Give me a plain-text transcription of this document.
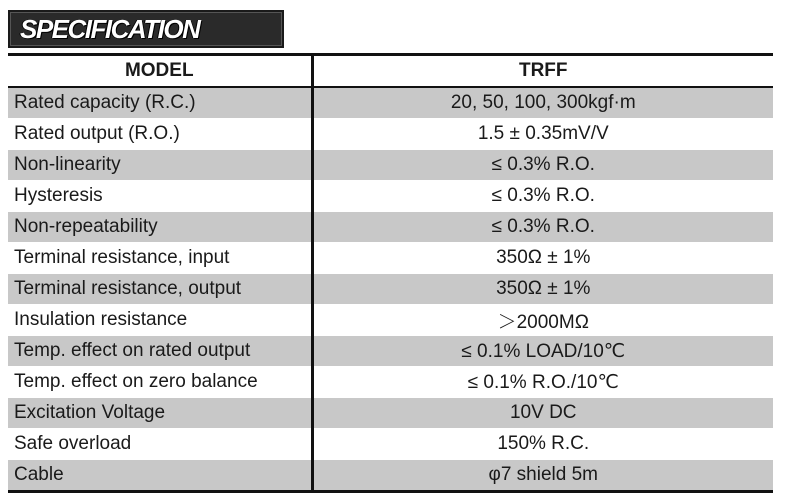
SPECIFICATION
MODEL	TRFF
Rated capacity (R.C.)	20, 50, 100, 300kgf·m
Rated output (R.O.)	1.5 ± 0.35mV/V
Non-linearity	≤ 0.3% R.O.
Hysteresis	≤ 0.3% R.O.
Non-repeatability	≤ 0.3% R.O.
Terminal resistance, input	350Ω ± 1%
Terminal resistance, output	350Ω ± 1%
Insulation resistance	＞2000MΩ
Temp. effect on rated output	≤ 0.1% LOAD/10℃
Temp. effect on zero balance	≤ 0.1% R.O./10℃
Excitation Voltage	10V DC
Safe overload	150% R.C.
Cable	φ7 shield 5m
